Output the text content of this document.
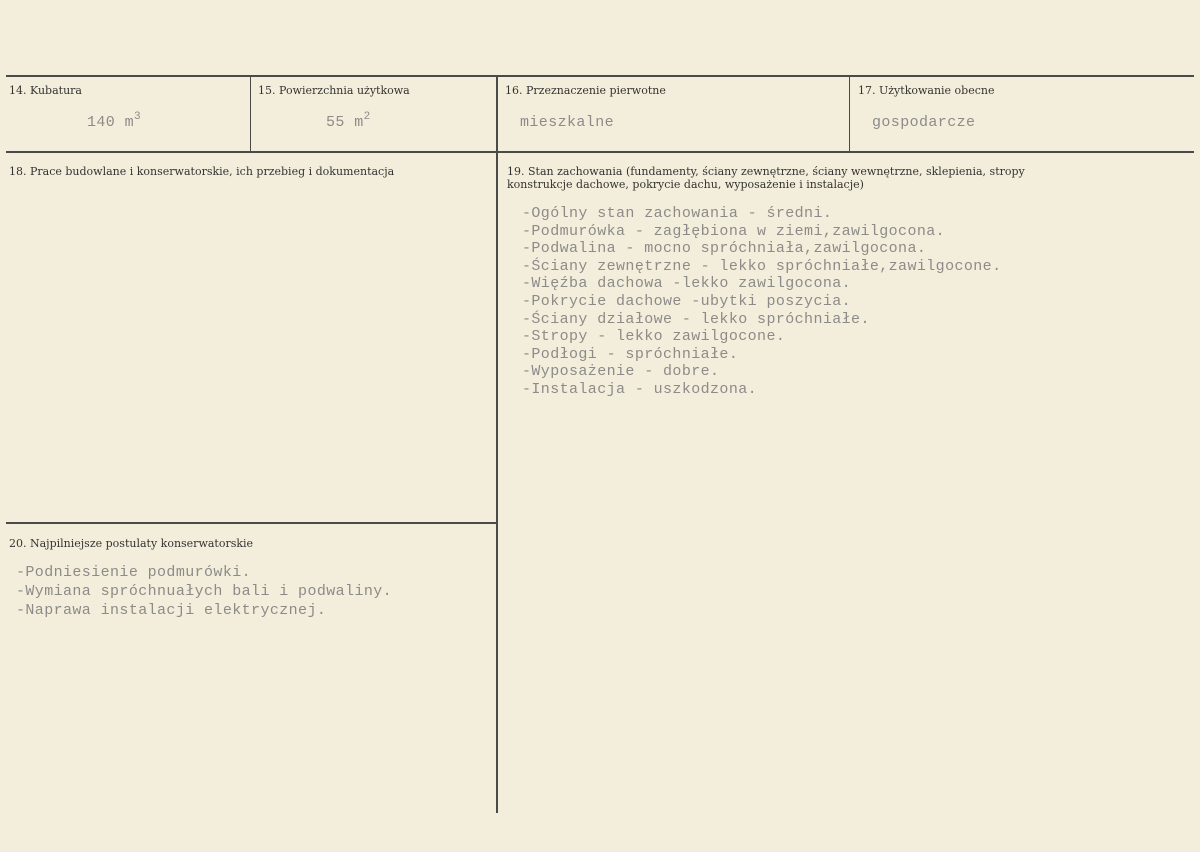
14. Kubatura
140 $m^3$
15. Powierzchnia użytkowa
55 $m^2$
16. Przeznaczenie pierwotne
mieszkalne
17. Użytkowanie obecne
gospodarcze
18. Prace budowlane i konserwatorskie, ich przebieg i dokumentacja	19. Stan zachowania (fundamenty, ściany zewnętrzne, ściany wewnętrzne, sklepienia, stropy konstrukcje dachowe, pokrycie dachu, wyposażenie i instalacje)
-Ogólny stan zachowania - średni.
-Podmurówka - zagłębiona w ziemi,zawilgocona.
-Podwalina - mocno spróchniała,zawilgocona.
-Ściany zewnętrzne - lekko spróchniałe,zawilgocone.
-Więźba dachowa -lekko zawilgocona.
-Pokrycie dachowe -ubytki poszycia.
-Ściany działowe - lekko spróchniałe.
-Stropy - lekko zawilgocone.
-Podłogi - spróchniałe.
-Wyposażenie - dobre.
-Instalacja - uszkodzona.
20. Najpilniejsze postulaty konserwatorskie
-Podniesienie podmurówki.
-Wymiana spróchnuałych bali i podwaliny.
-Naprawa instalacji elektrycznej.
